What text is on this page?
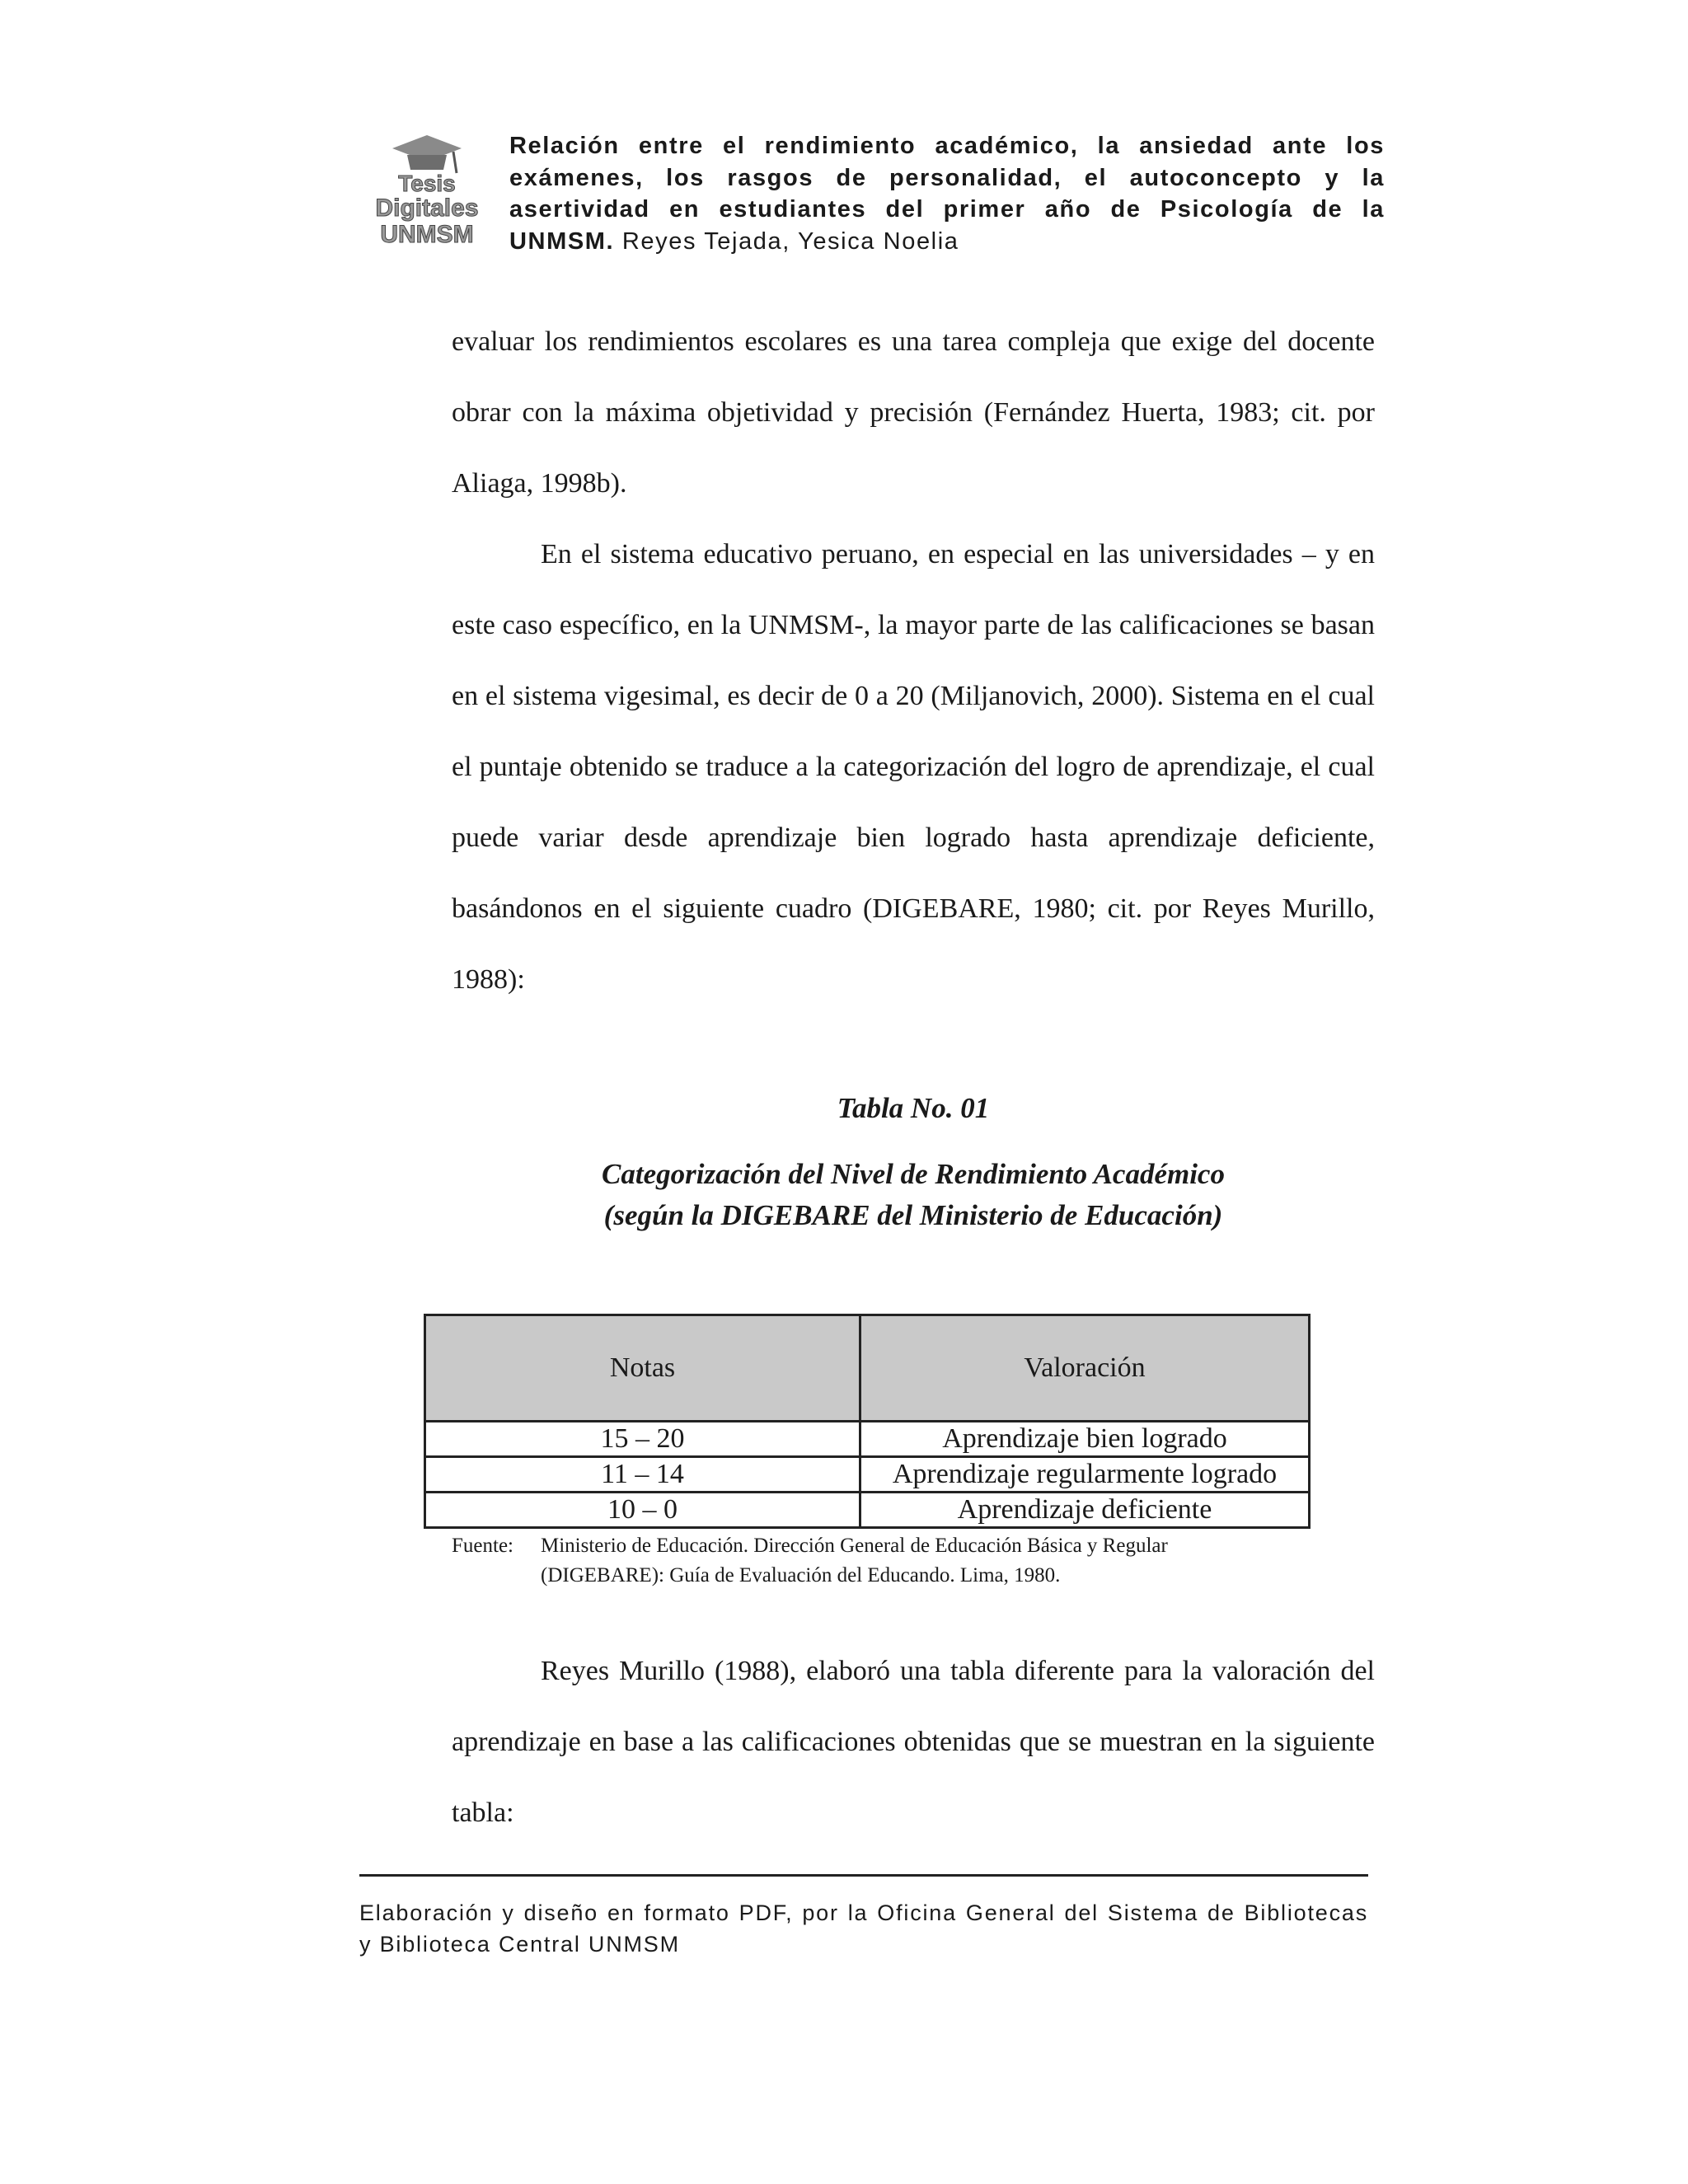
Tesis
Digitales
UNMSM
Relación entre el rendimiento académico, la ansiedad ante los exámenes, los rasgos de personalidad, el autoconcepto y la asertividad en estudiantes del primer año de Psicología de la UNMSM. Reyes Tejada, Yesica Noelia

evaluar los rendimientos escolares es una tarea compleja que exige del docente obrar con la máxima objetividad y precisión (Fernández Huerta, 1983; cit. por Aliaga, 1998b).

En el sistema educativo peruano, en especial en las universidades – y en este caso específico, en la UNMSM-, la mayor parte de las calificaciones se basan en el sistema vigesimal, es decir de 0 a 20 (Miljanovich, 2000). Sistema en el cual el puntaje obtenido se traduce a la categorización del logro de aprendizaje, el cual puede variar desde aprendizaje bien logrado hasta aprendizaje deficiente, basándonos en el siguiente cuadro (DIGEBARE, 1980; cit. por Reyes Murillo, 1988):

Tabla No. 01
Categorización del Nivel de Rendimiento Académico
(según la DIGEBARE del Ministerio de Educación)
Notas	Valoración
15 – 20	Aprendizaje bien logrado
11 – 14	Aprendizaje regularmente logrado
10 – 0	Aprendizaje deficiente
Fuente: Ministerio de Educación. Dirección General de Educación Básica y Regular (DIGEBARE): Guía de Evaluación del Educando. Lima, 1980.

Reyes Murillo (1988), elaboró una tabla diferente para la valoración del aprendizaje en base a las calificaciones obtenidas que se muestran en la siguiente tabla:

Elaboración y diseño en formato PDF, por la Oficina General del Sistema de Bibliotecas y Biblioteca Central UNMSM
